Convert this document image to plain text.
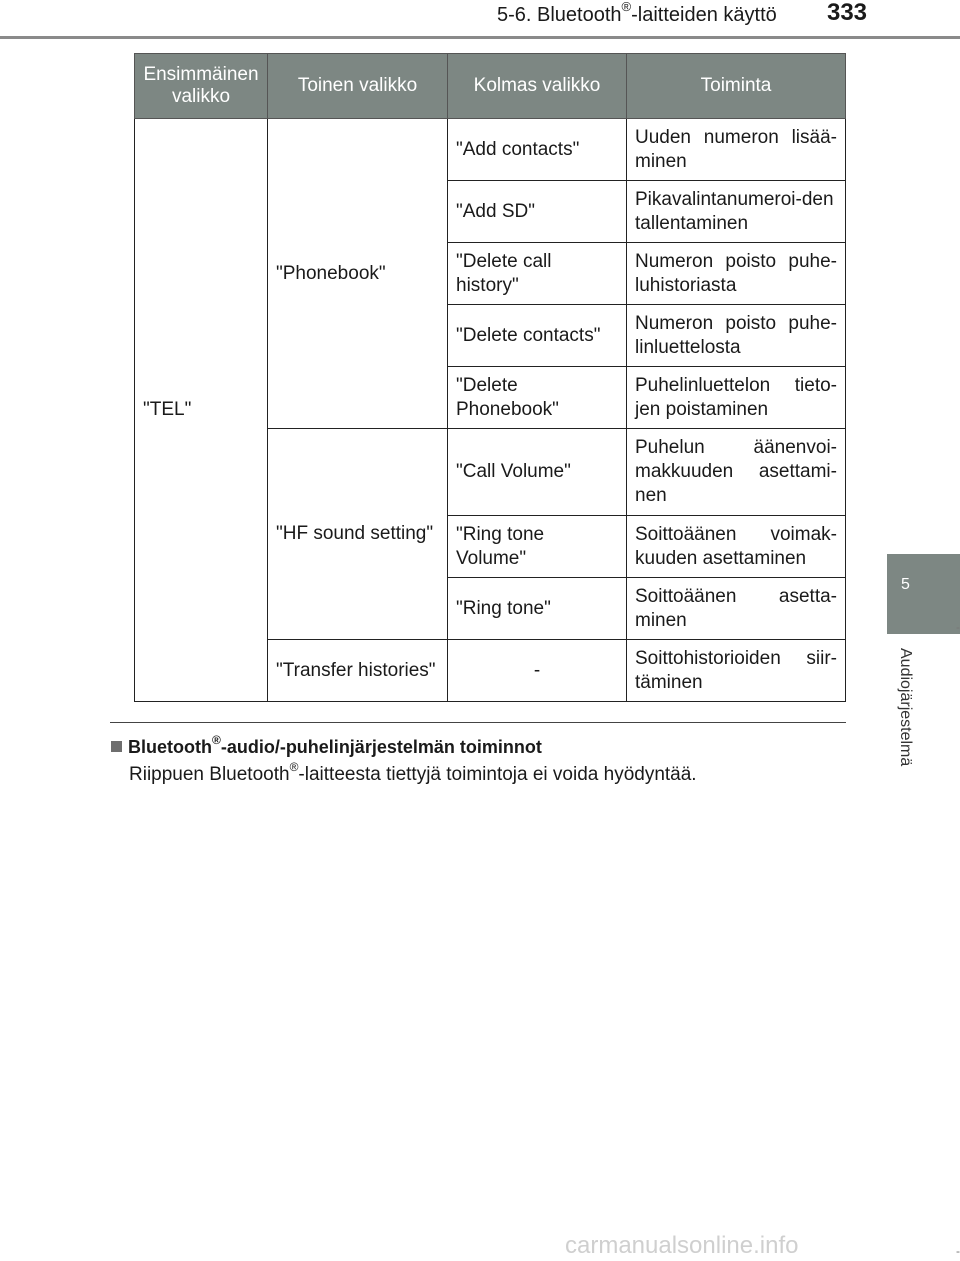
5-6. Bluetooth®-laitteiden käyttö	333
5
Audiojärjestelmä
-
-
Ensimmäinen valikko	Toinen valikko	Kolmas valikko	Toiminta
"TEL"	"Phonebook"	"Add contacts"	Uuden numeron lisää-minen
		"Add SD"	Pikavalintanumeroi-den tallentaminen
		"Delete call history"	Numeron poisto puhe-luhistoriasta
		"Delete contacts"	Numeron poisto puhe-linluettelosta
		"Delete Phonebook"	Puhelinluettelon tieto-jen poistaminen
	"HF sound setting"	"Call Volume"	Puhelun äänenvoi-makkuuden asettami-nen
		"Ring tone Volume"	Soittoäänen voimak-kuuden asettaminen
		"Ring tone"	Soittoäänen asetta-minen
	"Transfer histories"	-	Soittohistorioiden siir-täminen
Bluetooth®-audio/-puhelinjärjestelmän toiminnot
Riippuen Bluetooth®-laitteesta tiettyjä toimintoja ei voida hyödyntää.
carmanualsonline.info
